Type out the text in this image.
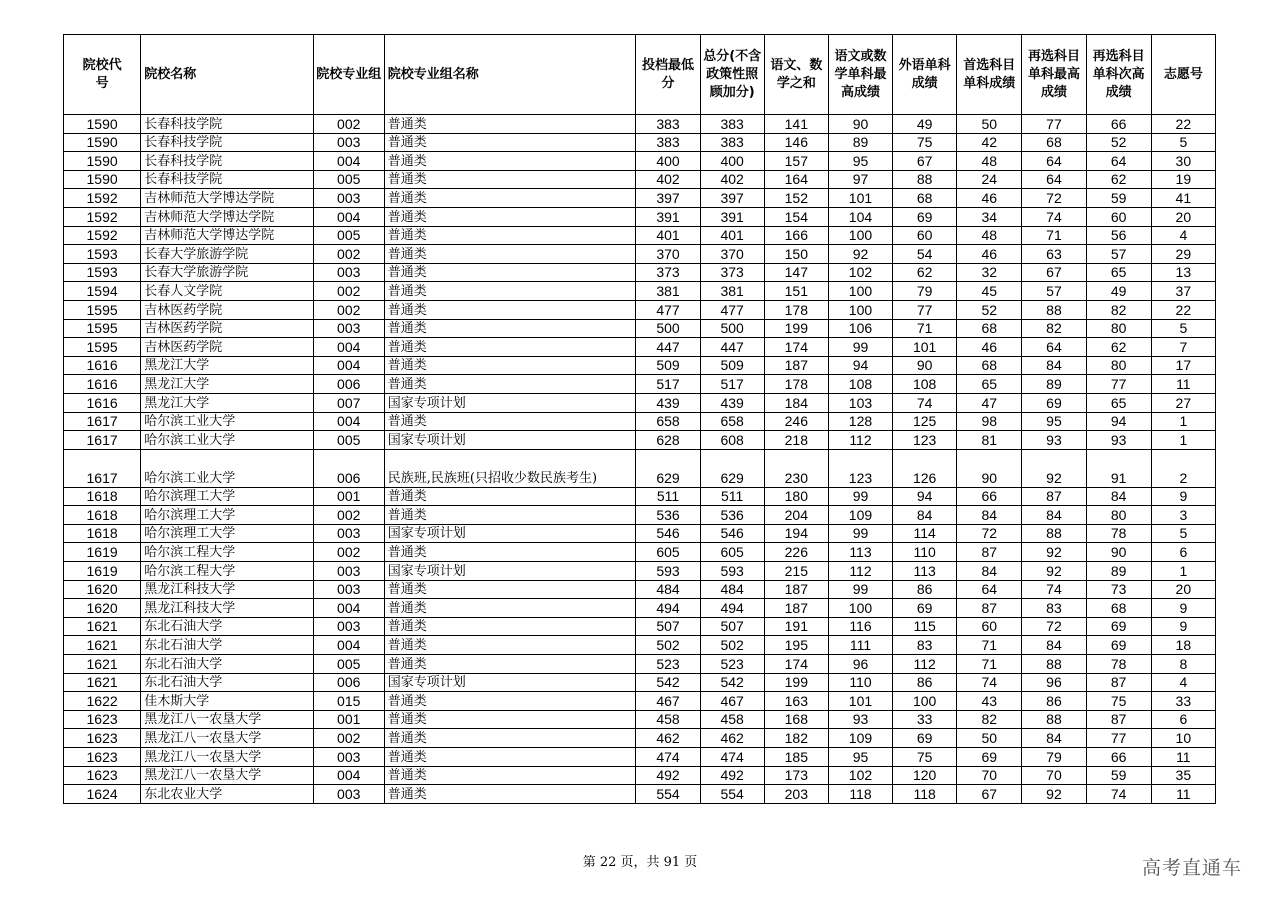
院校代号	院校名称	院校专业组	院校专业组名称	投档最低分	总分(不含政策性照顾加分)	语文、数学之和	语文或数学单科最高成绩	外语单科成绩	首选科目单科成绩	再选科目单科最高成绩	再选科目单科次高成绩	志愿号
1590	长春科技学院	002	普通类	383	383	141	90	49	50	77	66	22
1590	长春科技学院	003	普通类	383	383	146	89	75	42	68	52	5
1590	长春科技学院	004	普通类	400	400	157	95	67	48	64	64	30
1590	长春科技学院	005	普通类	402	402	164	97	88	24	64	62	19
1592	吉林师范大学博达学院	003	普通类	397	397	152	101	68	46	72	59	41
1592	吉林师范大学博达学院	004	普通类	391	391	154	104	69	34	74	60	20
1592	吉林师范大学博达学院	005	普通类	401	401	166	100	60	48	71	56	4
1593	长春大学旅游学院	002	普通类	370	370	150	92	54	46	63	57	29
1593	长春大学旅游学院	003	普通类	373	373	147	102	62	32	67	65	13
1594	长春人文学院	002	普通类	381	381	151	100	79	45	57	49	37
1595	吉林医药学院	002	普通类	477	477	178	100	77	52	88	82	22
1595	吉林医药学院	003	普通类	500	500	199	106	71	68	82	80	5
1595	吉林医药学院	004	普通类	447	447	174	99	101	46	64	62	7
1616	黑龙江大学	004	普通类	509	509	187	94	90	68	84	80	17
1616	黑龙江大学	006	普通类	517	517	178	108	108	65	89	77	11
1616	黑龙江大学	007	国家专项计划	439	439	184	103	74	47	69	65	27
1617	哈尔滨工业大学	004	普通类	658	658	246	128	125	98	95	94	1
1617	哈尔滨工业大学	005	国家专项计划	628	608	218	112	123	81	93	93	1
1617	哈尔滨工业大学	006	民族班,民族班(只招收少数民族考生)	629	629	230	123	126	90	92	91	2
1618	哈尔滨理工大学	001	普通类	511	511	180	99	94	66	87	84	9
1618	哈尔滨理工大学	002	普通类	536	536	204	109	84	84	84	80	3
1618	哈尔滨理工大学	003	国家专项计划	546	546	194	99	114	72	88	78	5
1619	哈尔滨工程大学	002	普通类	605	605	226	113	110	87	92	90	6
1619	哈尔滨工程大学	003	国家专项计划	593	593	215	112	113	84	92	89	1
1620	黑龙江科技大学	003	普通类	484	484	187	99	86	64	74	73	20
1620	黑龙江科技大学	004	普通类	494	494	187	100	69	87	83	68	9
1621	东北石油大学	003	普通类	507	507	191	116	115	60	72	69	9
1621	东北石油大学	004	普通类	502	502	195	111	83	71	84	69	18
1621	东北石油大学	005	普通类	523	523	174	96	112	71	88	78	8
1621	东北石油大学	006	国家专项计划	542	542	199	110	86	74	96	87	4
1622	佳木斯大学	015	普通类	467	467	163	101	100	43	86	75	33
1623	黑龙江八一农垦大学	001	普通类	458	458	168	93	33	82	88	87	6
1623	黑龙江八一农垦大学	002	普通类	462	462	182	109	69	50	84	77	10
1623	黑龙江八一农垦大学	003	普通类	474	474	185	95	75	69	79	66	11
1623	黑龙江八一农垦大学	004	普通类	492	492	173	102	120	70	70	59	35
1624	东北农业大学	003	普通类	554	554	203	118	118	67	92	74	11
第 22 页，共 91 页	高考直通车
